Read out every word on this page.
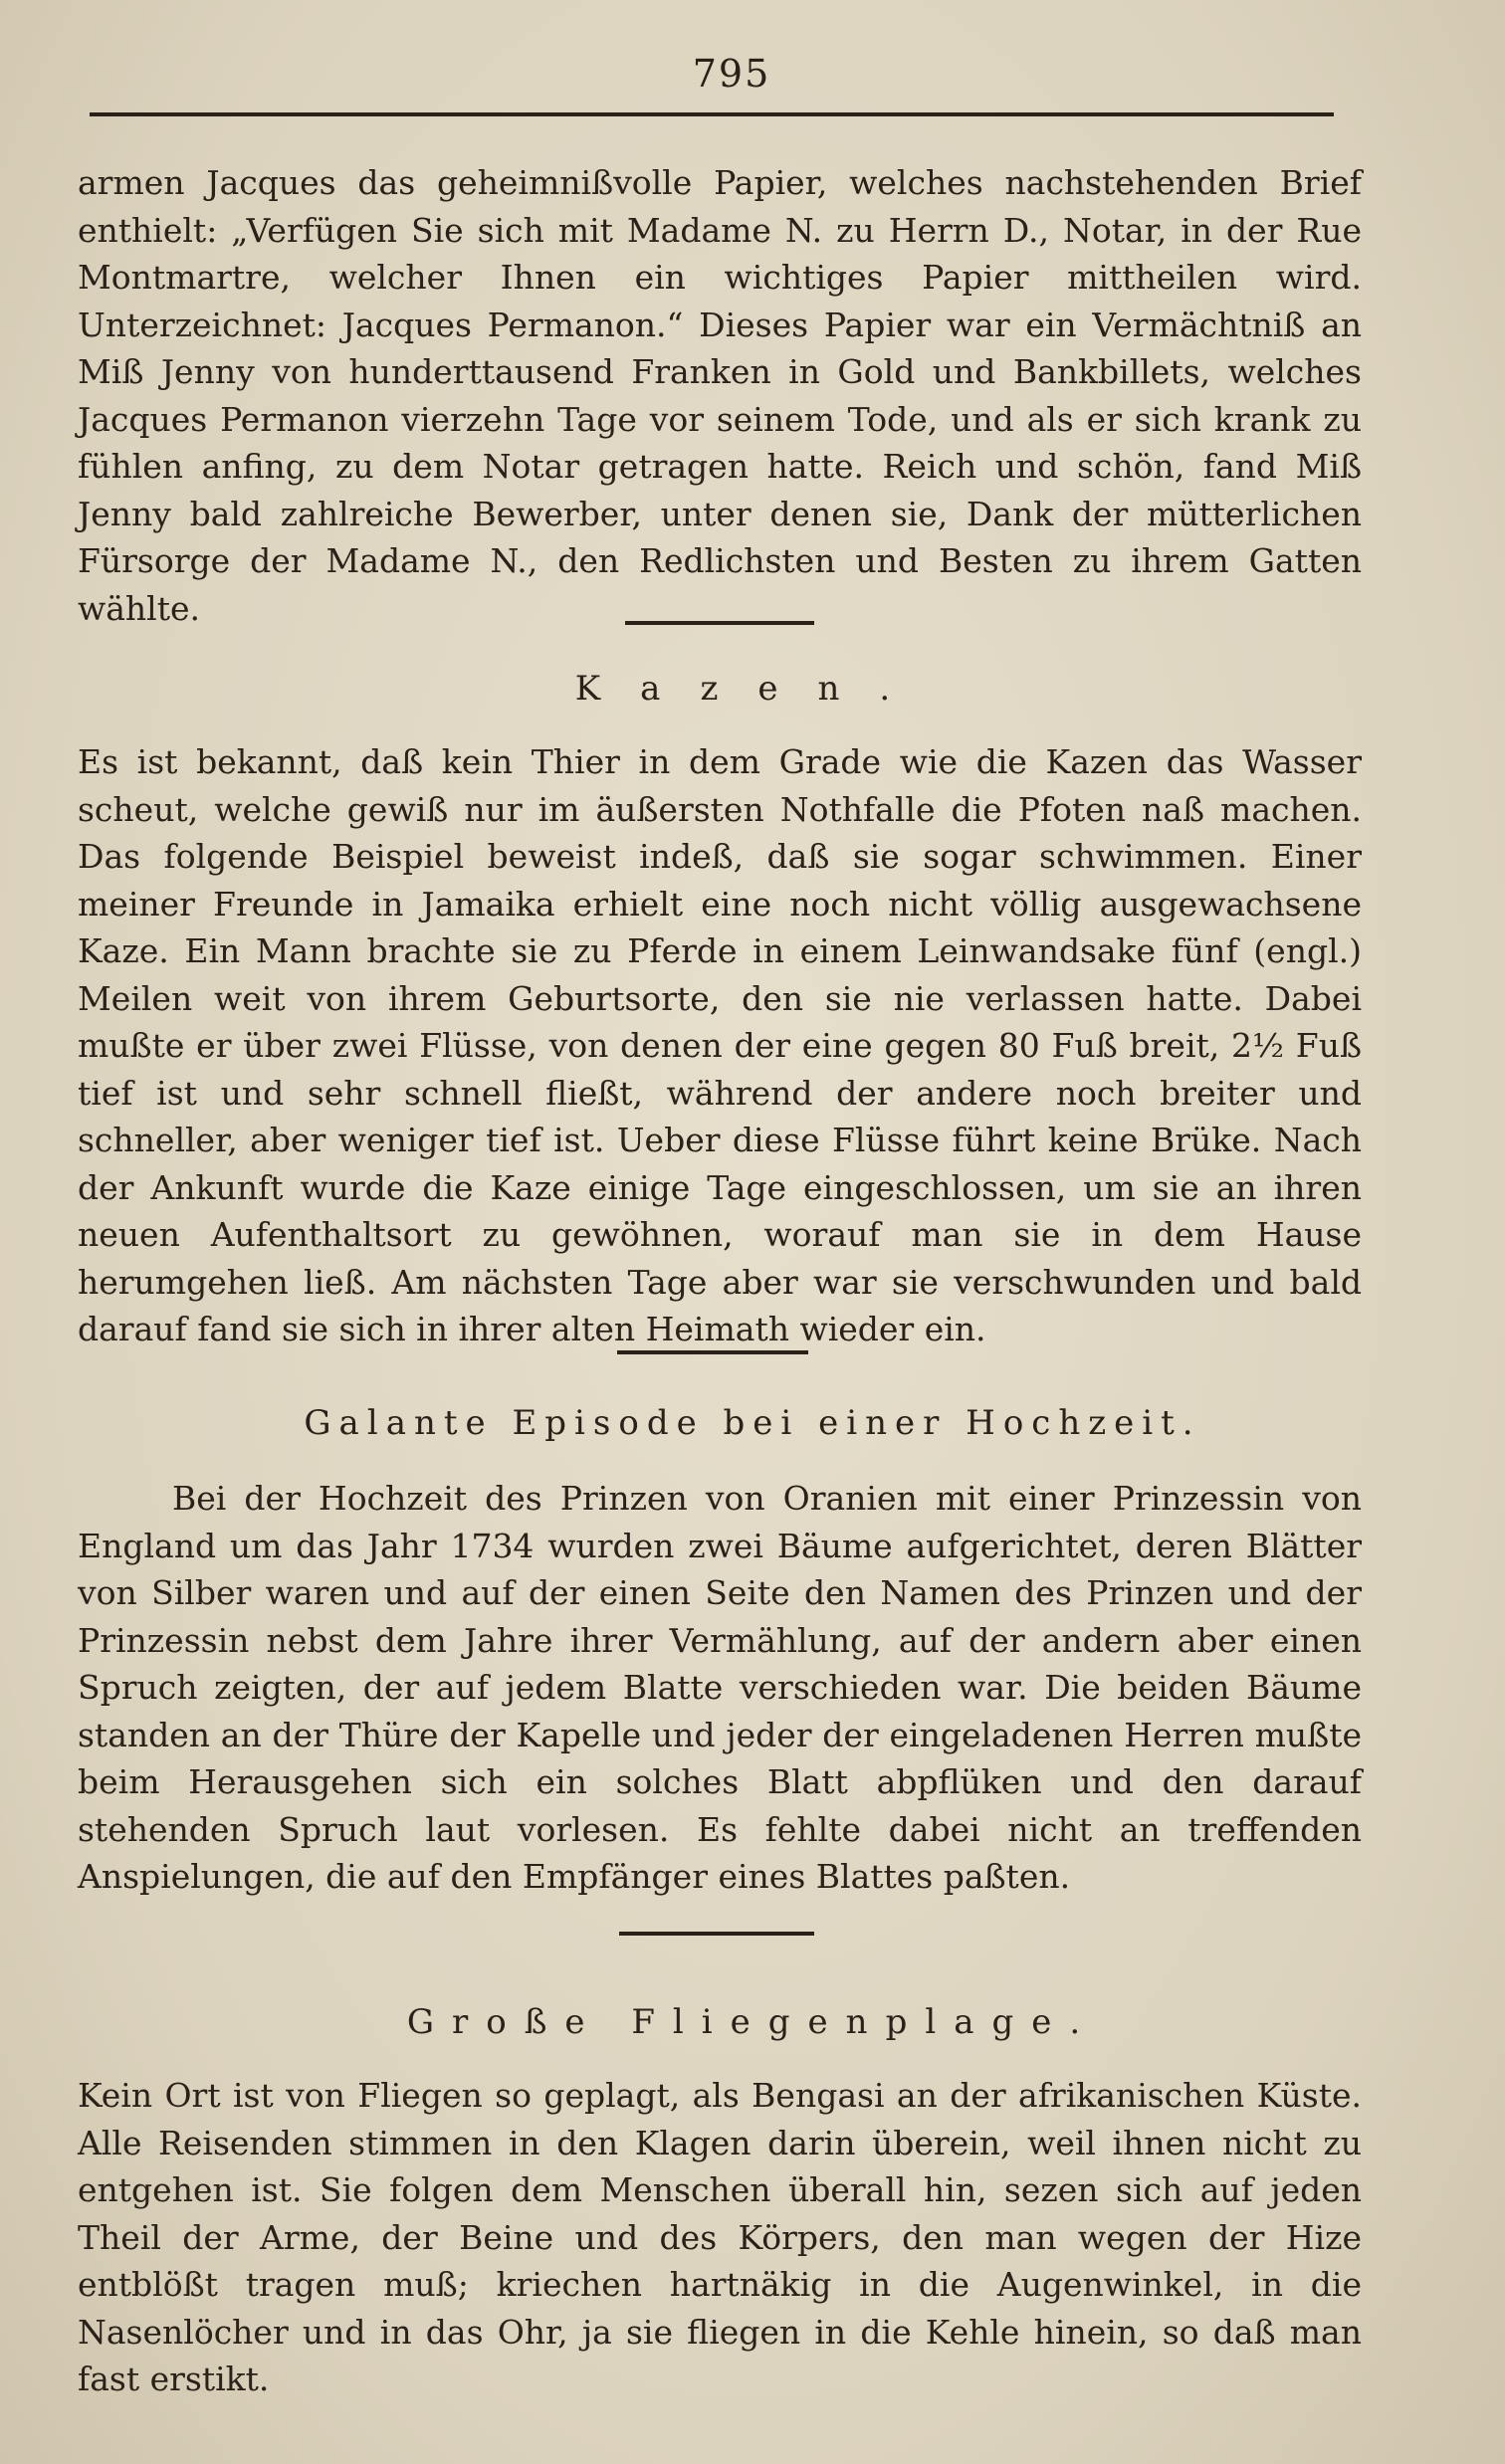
795

armen Jacques das geheimnißvolle Papier, welches nachstehenden Brief enthielt: „Verfügen Sie sich mit Madame N. zu Herrn D., Notar, in der Rue Montmartre, welcher Ihnen ein wichtiges Papier mittheilen wird. Unterzeichnet: Jacques Permanon.“ Dieses Papier war ein Vermächtniß an Miß Jenny von hunderttausend Franken in Gold und Bankbillets, welches Jacques Permanon vierzehn Tage vor seinem Tode, und als er sich krank zu fühlen anfing, zu dem Notar getragen hatte. Reich und schön, fand Miß Jenny bald zahlreiche Bewerber, unter denen sie, Dank der mütterlichen Fürsorge der Madame N., den Redlichsten und Besten zu ihrem Gatten wählte.

Kazen.

Es ist bekannt, daß kein Thier in dem Grade wie die Kazen das Wasser scheut, welche gewiß nur im äußersten Nothfalle die Pfoten naß machen. Das folgende Beispiel beweist indeß, daß sie sogar schwimmen. Einer meiner Freunde in Jamaika erhielt eine noch nicht völlig ausgewachsene Kaze. Ein Mann brachte sie zu Pferde in einem Leinwandsake fünf (engl.) Meilen weit von ihrem Geburtsorte, den sie nie verlassen hatte. Dabei mußte er über zwei Flüsse, von denen der eine gegen 80 Fuß breit, 2½ Fuß tief ist und sehr schnell fließt, während der andere noch breiter und schneller, aber weniger tief ist. Ueber diese Flüsse führt keine Brüke. Nach der Ankunft wurde die Kaze einige Tage eingeschlossen, um sie an ihren neuen Aufenthaltsort zu gewöhnen, worauf man sie in dem Hause herumgehen ließ. Am nächsten Tage aber war sie verschwunden und bald darauf fand sie sich in ihrer alten Heimath wieder ein.

Galante Episode bei einer Hochzeit.

Bei der Hochzeit des Prinzen von Oranien mit einer Prinzessin von England um das Jahr 1734 wurden zwei Bäume aufgerichtet, deren Blätter von Silber waren und auf der einen Seite den Namen des Prinzen und der Prinzessin nebst dem Jahre ihrer Vermählung, auf der andern aber einen Spruch zeigten, der auf jedem Blatte verschieden war. Die beiden Bäume standen an der Thüre der Kapelle und jeder der eingeladenen Herren mußte beim Herausgehen sich ein solches Blatt abpflüken und den darauf stehenden Spruch laut vorlesen. Es fehlte dabei nicht an treffenden Anspielungen, die auf den Empfänger eines Blattes paßten.

Große Fliegenplage.

Kein Ort ist von Fliegen so geplagt, als Bengasi an der afrikanischen Küste. Alle Reisenden stimmen in den Klagen darin überein, weil ihnen nicht zu entgehen ist. Sie folgen dem Menschen überall hin, sezen sich auf jeden Theil der Arme, der Beine und des Körpers, den man wegen der Hize entblößt tragen muß; kriechen hartnäkig in die Augenwinkel, in die Nasenlöcher und in das Ohr, ja sie fliegen in die Kehle hinein, so daß man fast erstikt.
